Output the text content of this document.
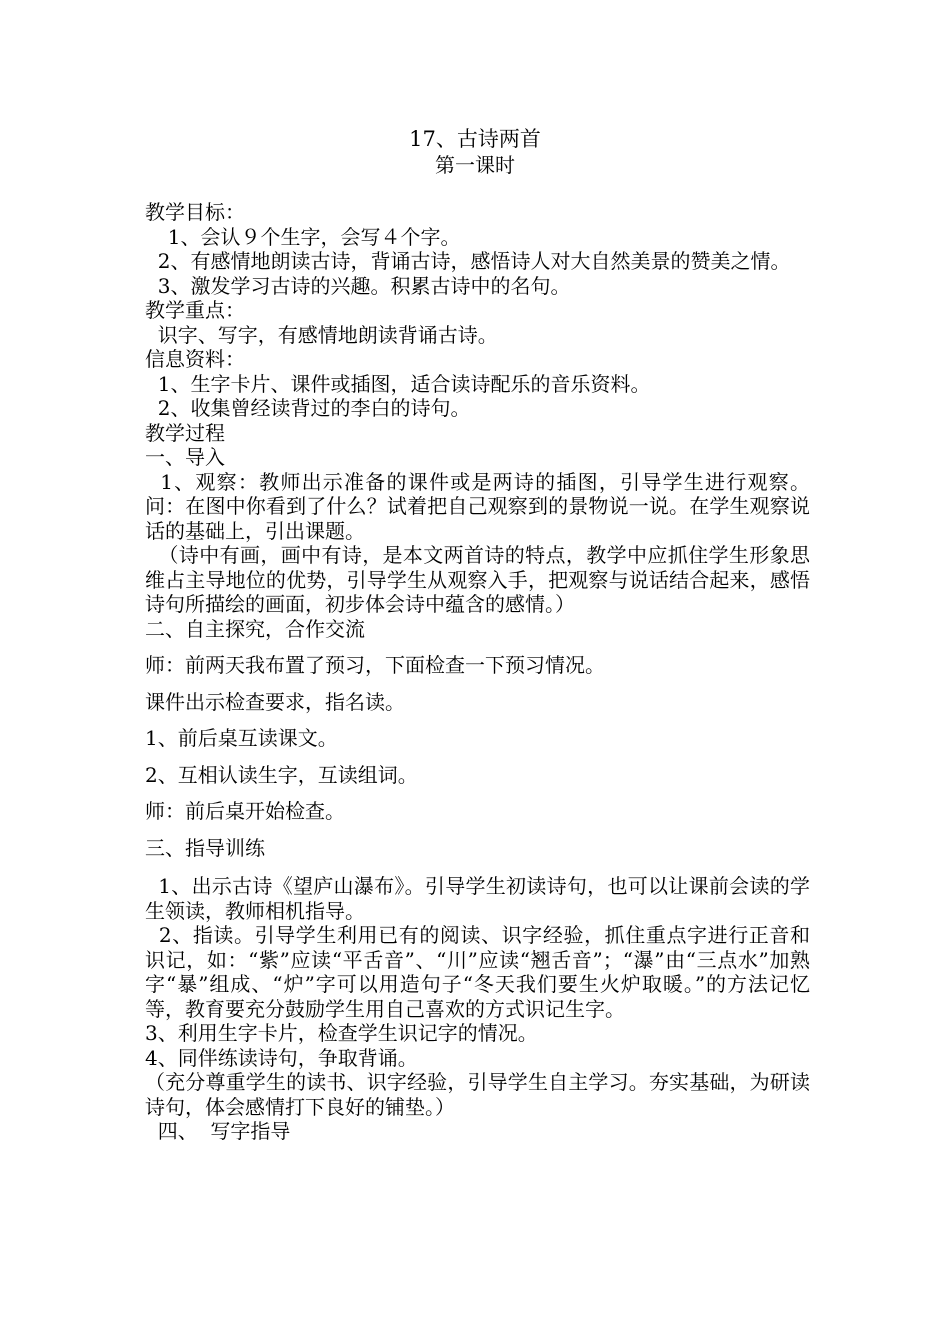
17、古诗两首
第一课时
教学目标：
1、会认９个生字，会写４个字。
2、有感情地朗读古诗，背诵古诗，感悟诗人对大自然美景的赞美之情。
3、激发学习古诗的兴趣。积累古诗中的名句。
教学重点：
识字、写字，有感情地朗读背诵古诗。
信息资料：
1、生字卡片、课件或插图，适合读诗配乐的音乐资料。
2、收集曾经读背过的李白的诗句。
教学过程
一、导入
1、观察：教师出示准备的课件或是两诗的插图，引导学生进行观察。问：在图中你看到了什么？试着把自己观察到的景物说一说。在学生观察说话的基础上，引出课题。
（诗中有画，画中有诗，是本文两首诗的特点，教学中应抓住学生形象思维占主导地位的优势，引导学生从观察入手，把观察与说话结合起来，感悟诗句所描绘的画面，初步体会诗中蕴含的感情。）
二、自主探究，合作交流
师：前两天我布置了预习，下面检查一下预习情况。
课件出示检查要求，指名读。
1、前后桌互读课文。
2、互相认读生字，互读组词。
师：前后桌开始检查。
三、指导训练
1、出示古诗《望庐山瀑布》。引导学生初读诗句，也可以让课前会读的学生领读，教师相机指导。
2、指读。引导学生利用已有的阅读、识字经验，抓住重点字进行正音和识记，如：“紫”应读“平舌音”、“川”应读“翘舌音”；“瀑”由“三点水”加熟字“暴”组成、“炉”字可以用造句子“冬天我们要生火炉取暖。”的方法记忆等，教育要充分鼓励学生用自己喜欢的方式识记生字。
3、利用生字卡片，检查学生识记字的情况。
4、同伴练读诗句，争取背诵。
（充分尊重学生的读书、识字经验，引导学生自主学习。夯实基础，为研读诗句，体会感情打下良好的铺垫。）
四、  写字指导
